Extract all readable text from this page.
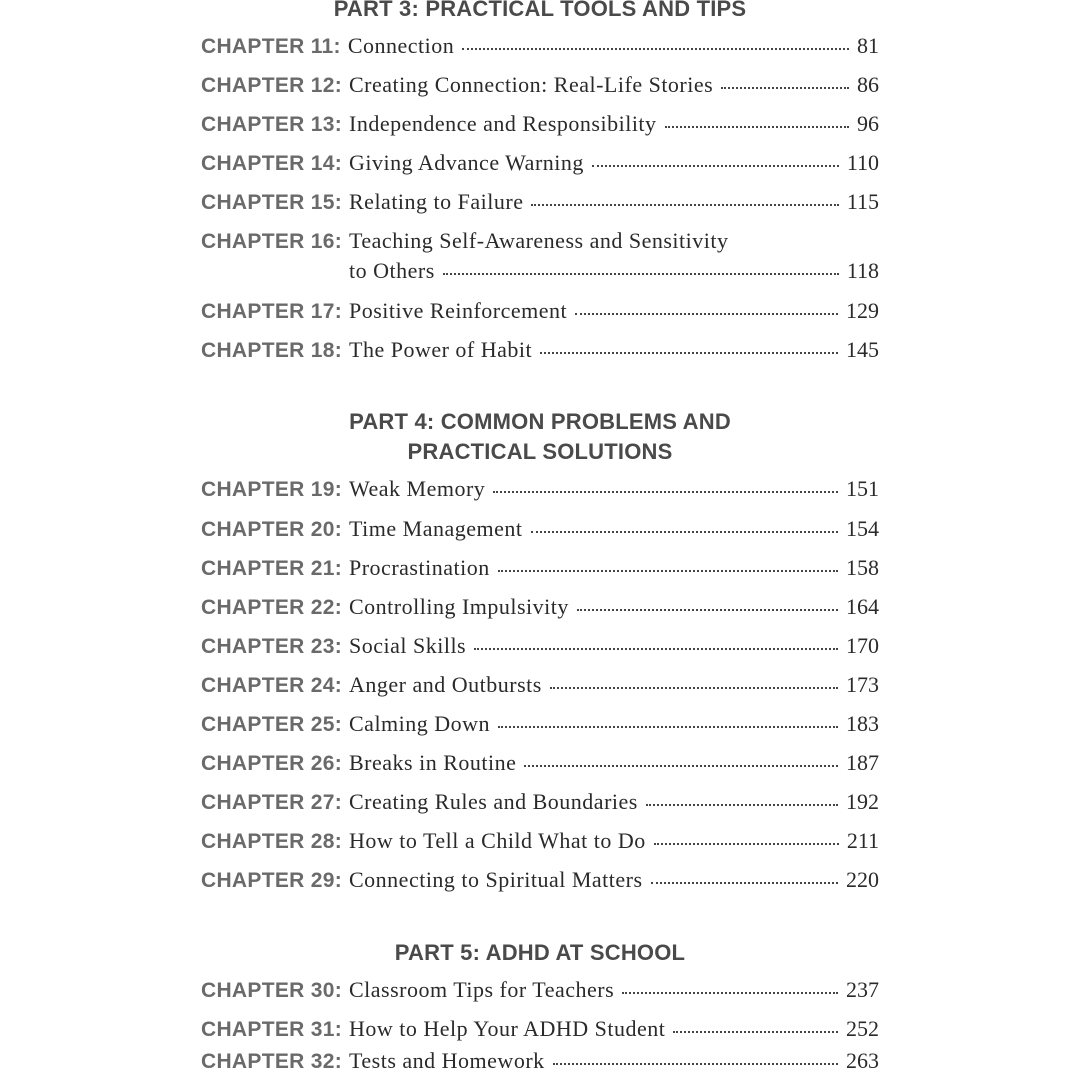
PART 3: PRACTICAL TOOLS AND TIPS
CHAPTER 11: Connection	81
CHAPTER 12: Creating Connection: Real-Life Stories	86
CHAPTER 13: Independence and Responsibility	96
CHAPTER 14: Giving Advance Warning	110
CHAPTER 15: Relating to Failure	115
CHAPTER 16: Teaching Self-Awareness and Sensitivity
to Others	118
CHAPTER 17: Positive Reinforcement	129
CHAPTER 18: The Power of Habit	145
PART 4: COMMON PROBLEMS AND
PRACTICAL SOLUTIONS
CHAPTER 19: Weak Memory	151
CHAPTER 20: Time Management	154
CHAPTER 21: Procrastination	158
CHAPTER 22: Controlling Impulsivity	164
CHAPTER 23: Social Skills	170
CHAPTER 24: Anger and Outbursts	173
CHAPTER 25: Calming Down	183
CHAPTER 26: Breaks in Routine	187
CHAPTER 27: Creating Rules and Boundaries	192
CHAPTER 28: How to Tell a Child What to Do	211
CHAPTER 29: Connecting to Spiritual Matters	220
PART 5: ADHD AT SCHOOL
CHAPTER 30: Classroom Tips for Teachers	237
CHAPTER 31: How to Help Your ADHD Student	252
CHAPTER 32: Tests and Homework	263
